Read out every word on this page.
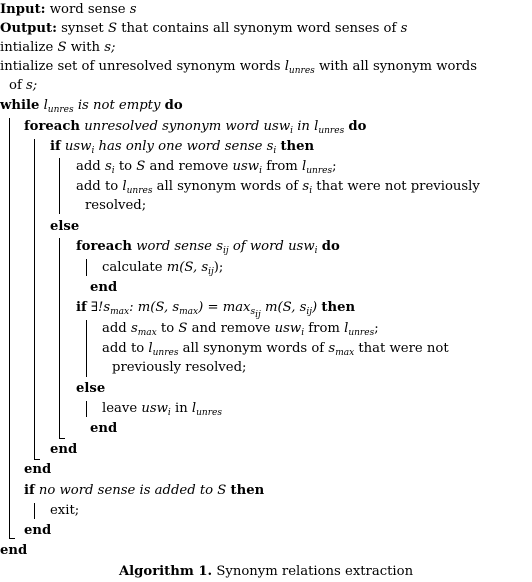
Input: word sense s
Output: synset S that contains all synonym word senses of s
intialize S with s;
intialize set of unresolved synonym words $l_{unres}$ with all synonym words
of s;
while $l_{unres}$ is not empty do
foreach unresolved synonym word usw$_i$ in $l_{unres}$ do
if usw$_i$ has only one word sense $s_i$ then
add $s_i$ to S and remove usw$_i$ from $l_{unres}$;
add to $l_{unres}$ all synonym words of $s_i$ that were not previously
resolved;
else
foreach word sense $s_{ij}$ of word usw$_i$ do
calculate m(S, $s_{ij}$);
end
if $\exists!s_{max}$: m(S, $s_{max}) = \max_{s_{ij}} m(S$, $s_{ij}$) then
add $s_{max}$ to S and remove usw$_i$ from $l_{unres}$;
add to $l_{unres}$ all synonym words of $s_{max}$ that were not
previously resolved;
else
leave usw$_i$ in $l_{unres}$
end
end
end
if no word sense is added to S then
exit;
end
end
Algorithm 1. Synonym relations extraction
